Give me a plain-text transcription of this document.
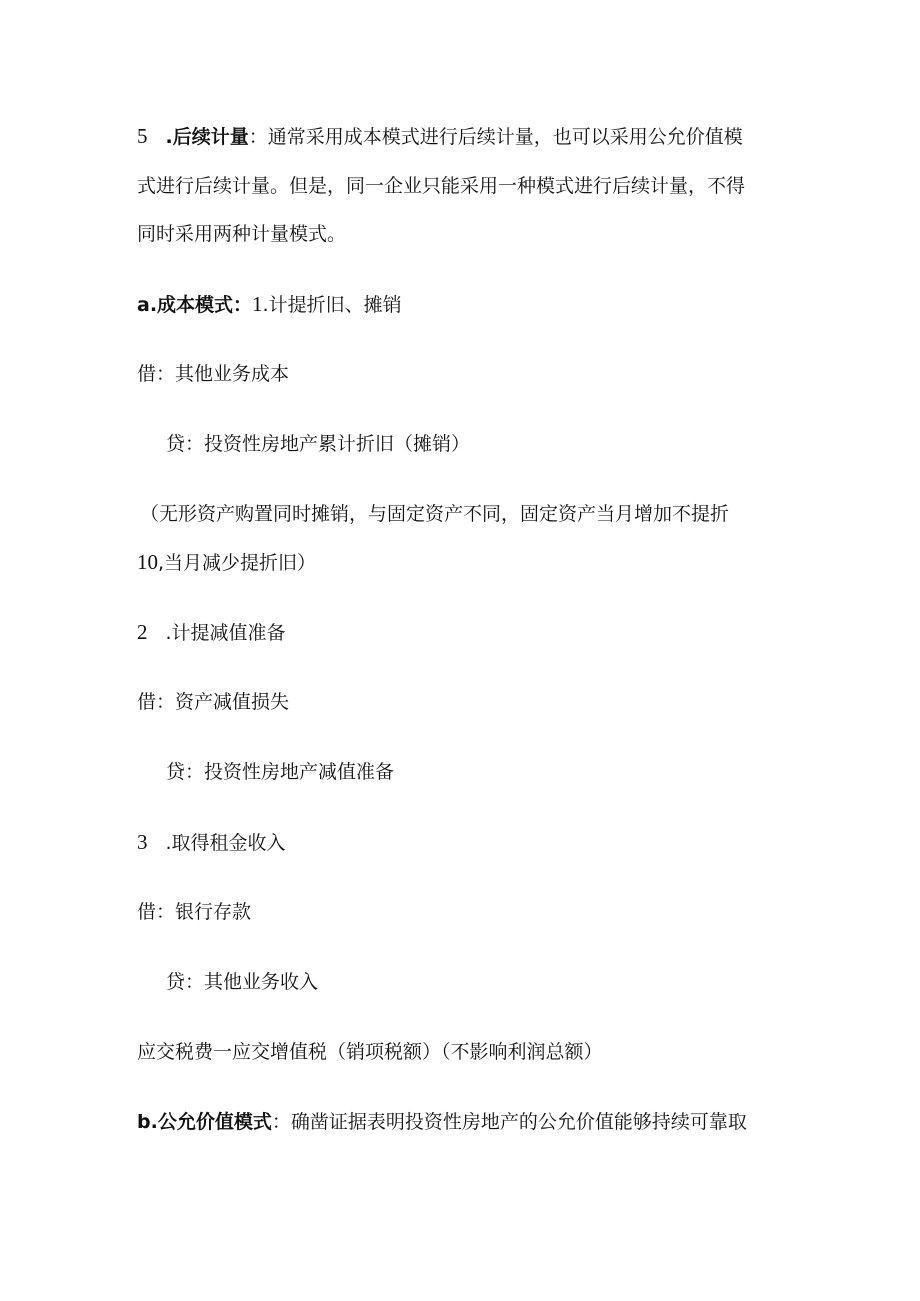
5 .后续计量：通常采用成本模式进行后续计量，也可以采用公允价值模
式进行后续计量。但是，同一企业只能采用一种模式进行后续计量，不得
同时采用两种计量模式。
a.成本模式：1.计提折旧、摊销
借：其他业务成本
贷：投资性房地产累计折旧（摊销）
（无形资产购置同时摊销，与固定资产不同，固定资产当月增加不提折
10,当月减少提折旧）
2 .计提减值准备
借：资产减值损失
贷：投资性房地产减值准备
3 .取得租金收入
借：银行存款
贷：其他业务收入
应交税费一应交增值税（销项税额）（不影响利润总额）
b.公允价值模式：确凿证据表明投资性房地产的公允价值能够持续可靠取
